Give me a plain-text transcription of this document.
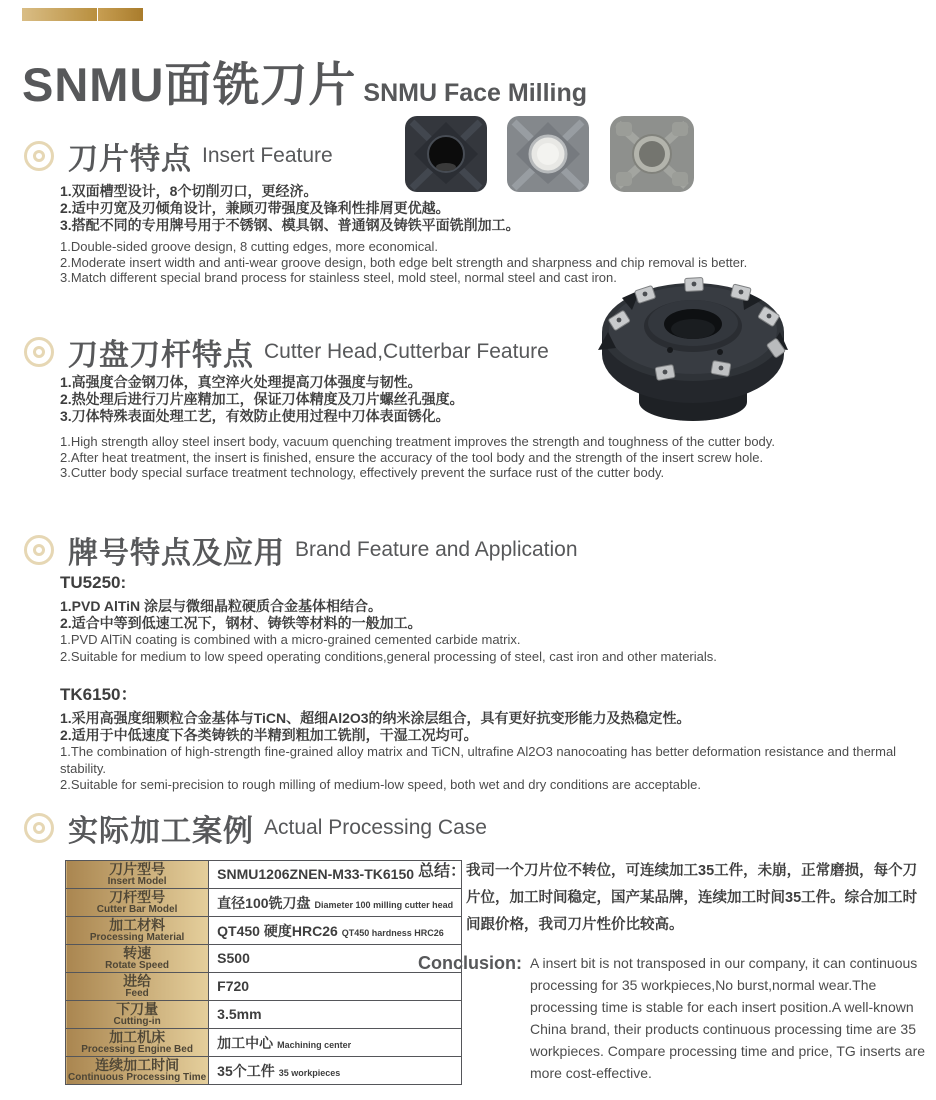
SNMU面铣刀片 SNMU Face Milling
刀片特点 Insert Feature
1.双面槽型设计，8个切削刃口，更经济。
2.适中刃宽及刃倾角设计，兼顾刃带强度及锋利性排屑更优越。
3.搭配不同的专用牌号用于不锈钢、模具钢、普通钢及铸铁平面铣削加工。
1.Double-sided groove design, 8 cutting edges, more economical.
2.Moderate insert width and anti-wear groove design, both edge belt strength and sharpness and chip removal is better.
3.Match different special brand process for stainless steel, mold steel, normal steel and cast iron.
刀盘刀杆特点 Cutter Head,Cutterbar Feature
1.高强度合金钢刀体，真空淬火处理提高刀体强度与韧性。
2.热处理后进行刀片座精加工，保证刀体精度及刀片螺丝孔强度。
3.刀体特殊表面处理工艺，有效防止使用过程中刀体表面锈化。
1.High strength alloy steel insert body, vacuum quenching treatment improves the strength and toughness of the cutter body.
2.After heat treatment, the insert is finished, ensure the accuracy of the tool body and the strength of the insert screw hole.
3.Cutter body special surface treatment technology, effectively prevent the surface rust of the cutter body.
牌号特点及应用 Brand Feature and Application
TU5250:
1.PVD AlTiN 涂层与微细晶粒硬质合金基体相结合。
2.适合中等到低速工况下，钢材、铸铁等材料的一般加工。
1.PVD AlTiN coating is combined with a micro-grained cemented carbide matrix.
2.Suitable for medium to low speed operating conditions,general processing of steel, cast iron and other materials.
TK6150：
1.采用高强度细颗粒合金基体与TiCN、超细Al2O3的纳米涂层组合，具有更好抗变形能力及热稳定性。
2.适用于中低速度下各类铸铁的半精到粗加工铣削，干湿工况均可。
1.The combination of high-strength fine-grained alloy matrix and TiCN, ultrafine Al2O3 nanocoating has better deformation resistance and thermal stability.
2.Suitable for semi-precision to rough milling of medium-low speed, both wet and dry conditions are acceptable.
实际加工案例 Actual Processing Case
刀片型号
Insert Model	SNMU1206ZNEN-M33-TK6150

刀杆型号
Cutter Bar Model	直径100铣刀盘 Diameter 100 milling cutter head

加工材料
Processing Material	QT450 硬度HRC26 QT450 hardness HRC26

转速
Rotate Speed	S500

进给
Feed	F720

下刀量
Cutting-in	3.5mm

加工机床
Processing Engine Bed	加工中心 Machining center

连续加工时间
Continuous Processing Time	35个工件 35 workpieces
总结： 我司一个刀片位不转位，可连续加工35工件，未崩，正常磨损，每个刀片位，加工时间稳定，国产某品牌，连续加工时间35工件。综合加工时间跟价格，我司刀片性价比较高。
Conclusion: A insert bit is not transposed in our company, it can continuous processing for 35 workpieces,No burst,normal wear.The processing time is stable for each insert position.A well-known China brand, their products continuous processing time are 35 workpieces. Compare processing time and price, TG inserts are more cost-effective.
